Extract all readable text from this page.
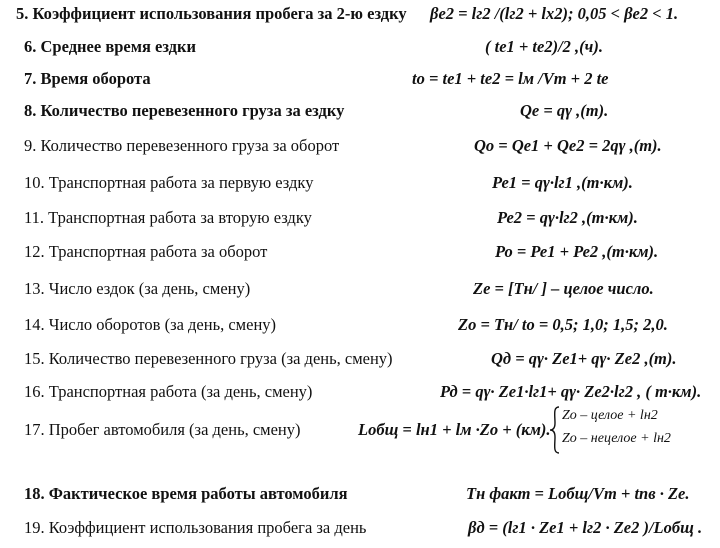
5. Коэффициент использования пробега за 2-ю ездку βе2 = lг2 /(lг2 + lх2); 0,05 < βе2 < 1.
6. Среднее время ездки	( tе1 + tе2)/2 ,(ч).
7. Время оборота	tо = tе1 + tе2 = lм /Vт + 2 tе
8. Количество перевезенного груза за ездку	Qе = qγ ,(т).
9. Количество перевезенного груза за оборот	Qо = Qе1 + Qе2 = 2qγ ,(т).
10. Транспортная работа за первую ездку	Ре1 = qγ·lг1 ,(т·км).
11. Транспортная работа за вторую ездку	Ре2 = qγ·lг2 ,(т·км).
12. Транспортная работа за оборот	Ро = Ре1 + Ре2 ,(т·км).
13. Число ездок (за день, смену)	Zе = [Тн/ ] – целое число.
14. Число оборотов (за день, смену)	Zо = Тн/ tо = 0,5; 1,0; 1,5; 2,0.
15. Количество перевезенного груза (за день, смену)	Qд = qγ· Zе1+ qγ· Zе2 ,(т).
16. Транспортная работа (за день, смену)	Рд = qγ· Zе1·lг1+ qγ· Zе2·lг2 , ( т·км).
17. Пробег автомобиля (за день, смену)	Lобщ = lн1 + lм ·Zо + (км).
Zо – целое + lн2
Zо – нецелое + lн2
18. Фактическое время работы автомобиля	Тн факт = Lобщ/Vт + tпв · Zе.
19. Коэффициент использования пробега за день	βд = (lг1 · Zе1 + lг2 · Zе2 )/Lобщ .
